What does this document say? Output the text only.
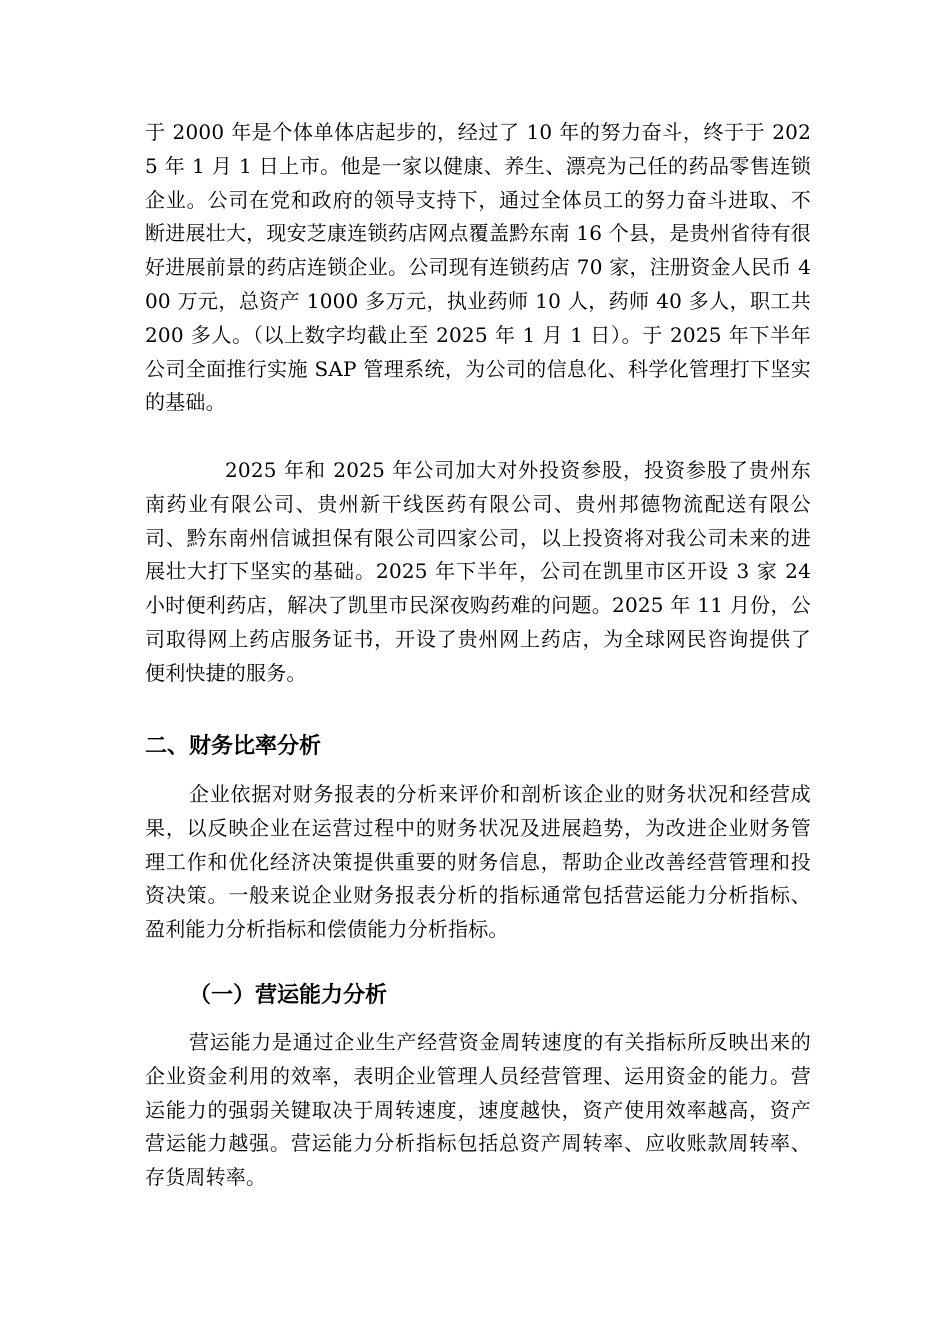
于 2000 年是个体单体店起步的，经过了 10 年的努力奋斗，终于于 2025 年 1 月 1 日上市。他是一家以健康、养生、漂亮为己任的药品零售连锁企业。公司在党和政府的领导支持下，通过全体员工的努力奋斗进取、不断进展壮大，现安芝康连锁药店网点覆盖黔东南 16 个县，是贵州省待有很好进展前景的药店连锁企业。公司现有连锁药店 70 家，注册资金人民币 400 万元，总资产 1000 多万元，执业药师 10 人，药师 40 多人，职工共 200 多人。（以上数字均截止至 2025 年 1 月 1 日）。于 2025 年下半年公司全面推行实施 SAP 管理系统，为公司的信息化、科学化管理打下坚实的基础。

2025 年和 2025 年公司加大对外投资参股，投资参股了贵州东南药业有限公司、贵州新干线医药有限公司、贵州邦德物流配送有限公司、黔东南州信诚担保有限公司四家公司，以上投资将对我公司未来的进展壮大打下坚实的基础。2025 年下半年，公司在凯里市区开设 3 家 24 小时便利药店，解决了凯里市民深夜购药难的问题。2025 年 11 月份，公司取得网上药店服务证书，开设了贵州网上药店，为全球网民咨询提供了便利快捷的服务。

二、财务比率分析

企业依据对财务报表的分析来评价和剖析该企业的财务状况和经营成果，以反映企业在运营过程中的财务状况及进展趋势，为改进企业财务管理工作和优化经济决策提供重要的财务信息，帮助企业改善经营管理和投资决策。一般来说企业财务报表分析的指标通常包括营运能力分析指标、盈利能力分析指标和偿债能力分析指标。

（一）营运能力分析

营运能力是通过企业生产经营资金周转速度的有关指标所反映出来的企业资金利用的效率，表明企业管理人员经营管理、运用资金的能力。营运能力的强弱关键取决于周转速度，速度越快，资产使用效率越高，资产营运能力越强。营运能力分析指标包括总资产周转率、应收账款周转率、存货周转率。
